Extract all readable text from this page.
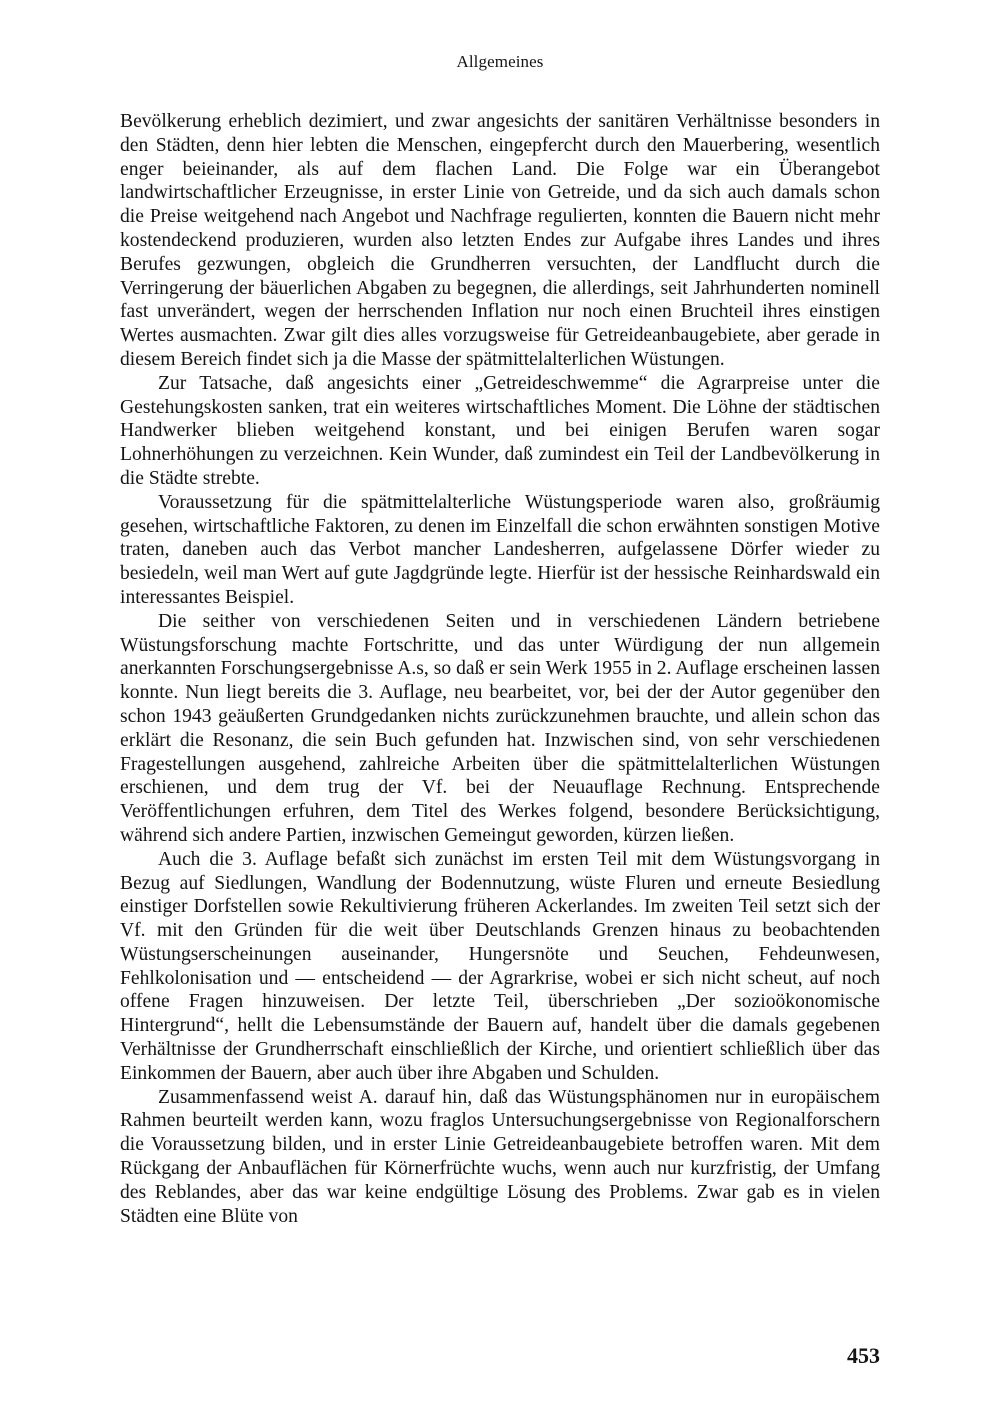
Allgemeines

Bevölkerung erheblich dezimiert, und zwar angesichts der sanitären Verhältnisse besonders in den Städten, denn hier lebten die Menschen, eingepfercht durch den Mauerbering, wesentlich enger beieinander, als auf dem flachen Land. Die Folge war ein Überangebot landwirtschaftlicher Erzeugnisse, in erster Linie von Getreide, und da sich auch damals schon die Preise weitgehend nach Angebot und Nachfrage regulierten, konnten die Bauern nicht mehr kostendeckend produzieren, wurden also letzten Endes zur Aufgabe ihres Landes und ihres Berufes gezwungen, obgleich die Grundherren versuchten, der Landflucht durch die Verringerung der bäuerlichen Abgaben zu begegnen, die allerdings, seit Jahrhunderten nominell fast unverändert, wegen der herrschenden Inflation nur noch einen Bruchteil ihres einstigen Wertes ausmachten. Zwar gilt dies alles vorzugsweise für Getreideanbaugebiete, aber gerade in diesem Bereich findet sich ja die Masse der spätmittelalterlichen Wüstungen.

Zur Tatsache, daß angesichts einer „Getreideschwemme“ die Agrarpreise unter die Gestehungskosten sanken, trat ein weiteres wirtschaftliches Moment. Die Löhne der städtischen Handwerker blieben weitgehend konstant, und bei einigen Berufen waren sogar Lohnerhöhungen zu verzeichnen. Kein Wunder, daß zumindest ein Teil der Landbevölkerung in die Städte strebte.

Voraussetzung für die spätmittelalterliche Wüstungsperiode waren also, großräumig gesehen, wirtschaftliche Faktoren, zu denen im Einzelfall die schon erwähnten sonstigen Motive traten, daneben auch das Verbot mancher Landesherren, aufgelassene Dörfer wieder zu besiedeln, weil man Wert auf gute Jagdgründe legte. Hierfür ist der hessische Reinhardswald ein interessantes Beispiel.

Die seither von verschiedenen Seiten und in verschiedenen Ländern betriebene Wüstungsforschung machte Fortschritte, und das unter Würdigung der nun allgemein anerkannten Forschungsergebnisse A.s, so daß er sein Werk 1955 in 2. Auflage erscheinen lassen konnte. Nun liegt bereits die 3. Auflage, neu bearbeitet, vor, bei der der Autor gegenüber den schon 1943 geäußerten Grundgedanken nichts zurückzunehmen brauchte, und allein schon das erklärt die Resonanz, die sein Buch gefunden hat. Inzwischen sind, von sehr verschiedenen Fragestellungen ausgehend, zahlreiche Arbeiten über die spätmittelalterlichen Wüstungen erschienen, und dem trug der Vf. bei der Neuauflage Rechnung. Entsprechende Veröffentlichungen erfuhren, dem Titel des Werkes folgend, besondere Berücksichtigung, während sich andere Partien, inzwischen Gemeingut geworden, kürzen ließen.

Auch die 3. Auflage befaßt sich zunächst im ersten Teil mit dem Wüstungsvorgang in Bezug auf Siedlungen, Wandlung der Bodennutzung, wüste Fluren und erneute Besiedlung einstiger Dorfstellen sowie Rekultivierung früheren Ackerlandes. Im zweiten Teil setzt sich der Vf. mit den Gründen für die weit über Deutschlands Grenzen hinaus zu beobachtenden Wüstungserscheinungen auseinander, Hungersnöte und Seuchen, Fehdeunwesen, Fehlkolonisation und — entscheidend — der Agrarkrise, wobei er sich nicht scheut, auf noch offene Fragen hinzuweisen. Der letzte Teil, überschrieben „Der sozioökonomische Hintergrund“, hellt die Lebensumstände der Bauern auf, handelt über die damals gegebenen Verhältnisse der Grundherrschaft einschließlich der Kirche, und orientiert schließlich über das Einkommen der Bauern, aber auch über ihre Abgaben und Schulden.

Zusammenfassend weist A. darauf hin, daß das Wüstungsphänomen nur in europäischem Rahmen beurteilt werden kann, wozu fraglos Untersuchungsergebnisse von Regionalforschern die Voraussetzung bilden, und in erster Linie Getreideanbaugebiete betroffen waren. Mit dem Rückgang der Anbauflächen für Körnerfrüchte wuchs, wenn auch nur kurzfristig, der Umfang des Reblandes, aber das war keine endgültige Lösung des Problems. Zwar gab es in vielen Städten eine Blüte von

453
